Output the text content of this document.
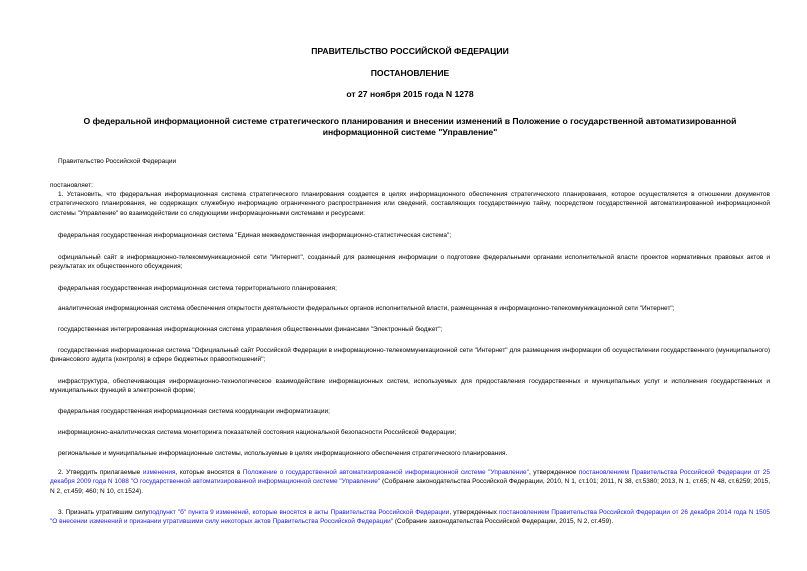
ПРАВИТЕЛЬСТВО РОССИЙСКОЙ ФЕДЕРАЦИИ
ПОСТАНОВЛЕНИЕ
от 27 ноября 2015 года N 1278
О федеральной информационной системе стратегического планирования и внесении изменений в Положение о государственной автоматизированной
информационной системе "Управление"
Правительство Российской Федерации
постановляет:
1. Установить, что федеральная информационная система стратегического планирования создается в целях информационного обеспечения стратегического планирования, которое осуществляется в отношении документов стратегического планирования, не содержащих служебную информацию ограниченного распространения или сведений, составляющих государственную тайну, посредством государственной автоматизированной информационной системы "Управление" во взаимодействии со следующими информационными системами и ресурсами:
федеральная государственная информационная система "Единая межведомственная информационно-статистическая система";
официальный сайт в информационно-телекоммуникационной сети "Интернет", созданный для размещения информации о подготовке федеральными органами исполнительной власти проектов нормативных правовых актов и результатах их общественного обсуждения;
федеральная государственная информационная система территориального планирования;
аналитическая информационная система обеспечения открытости деятельности федеральных органов исполнительной власти, размещенная в информационно-телекоммуникационной сети "Интернет";
государственная интегрированная информационная система управления общественными финансами "Электронный бюджет";
государственная информационная система "Официальный сайт Российской Федерации в информационно-телекоммуникационной сети "Интернет" для размещения информации об осуществлении государственного (муниципального) финансового аудита (контроля) в сфере бюджетных правоотношений";
инфраструктура, обеспечивающая информационно-технологическое взаимодействие информационных систем, используемых для предоставления государственных и муниципальных услуг и исполнения государственных и муниципальных функций в электронной форме;
федеральная государственная информационная система координации информатизации;
информационно-аналитическая система мониторинга показателей состояния национальной безопасности Российской Федерации;
региональные и муниципальные информационные системы, используемые в целях информационного обеспечения стратегического планирования.
2. Утвердить прилагаемые изменения, которые вносятся в Положение о государственной автоматизированной информационной системе "Управление", утвержденное постановлением Правительства Российской Федерации от 25 декабря 2009 года N 1088 "О государственной автоматизированной информационной системе "Управление" (Собрание законодательства Российской Федерации, 2010, N 1, ст.101; 2011, N 38, ст.5380; 2013, N 1, ст.65; N 48, ст.6259; 2015, N 2, ст.459; 460; N 10, ст.1524).
3. Признать утратившим силуподпункт "б" пункта 9 изменений, которые вносятся в акты Правительства Российской Федерации, утвержденных постановлением Правительства Российской Федерации от 26 декабря 2014 года N 1505 "О внесении изменений и признании утратившими силу некоторых актов Правительства Российской Федерации" (Собрание законодательства Российской Федерации, 2015, N 2, ст.459).
